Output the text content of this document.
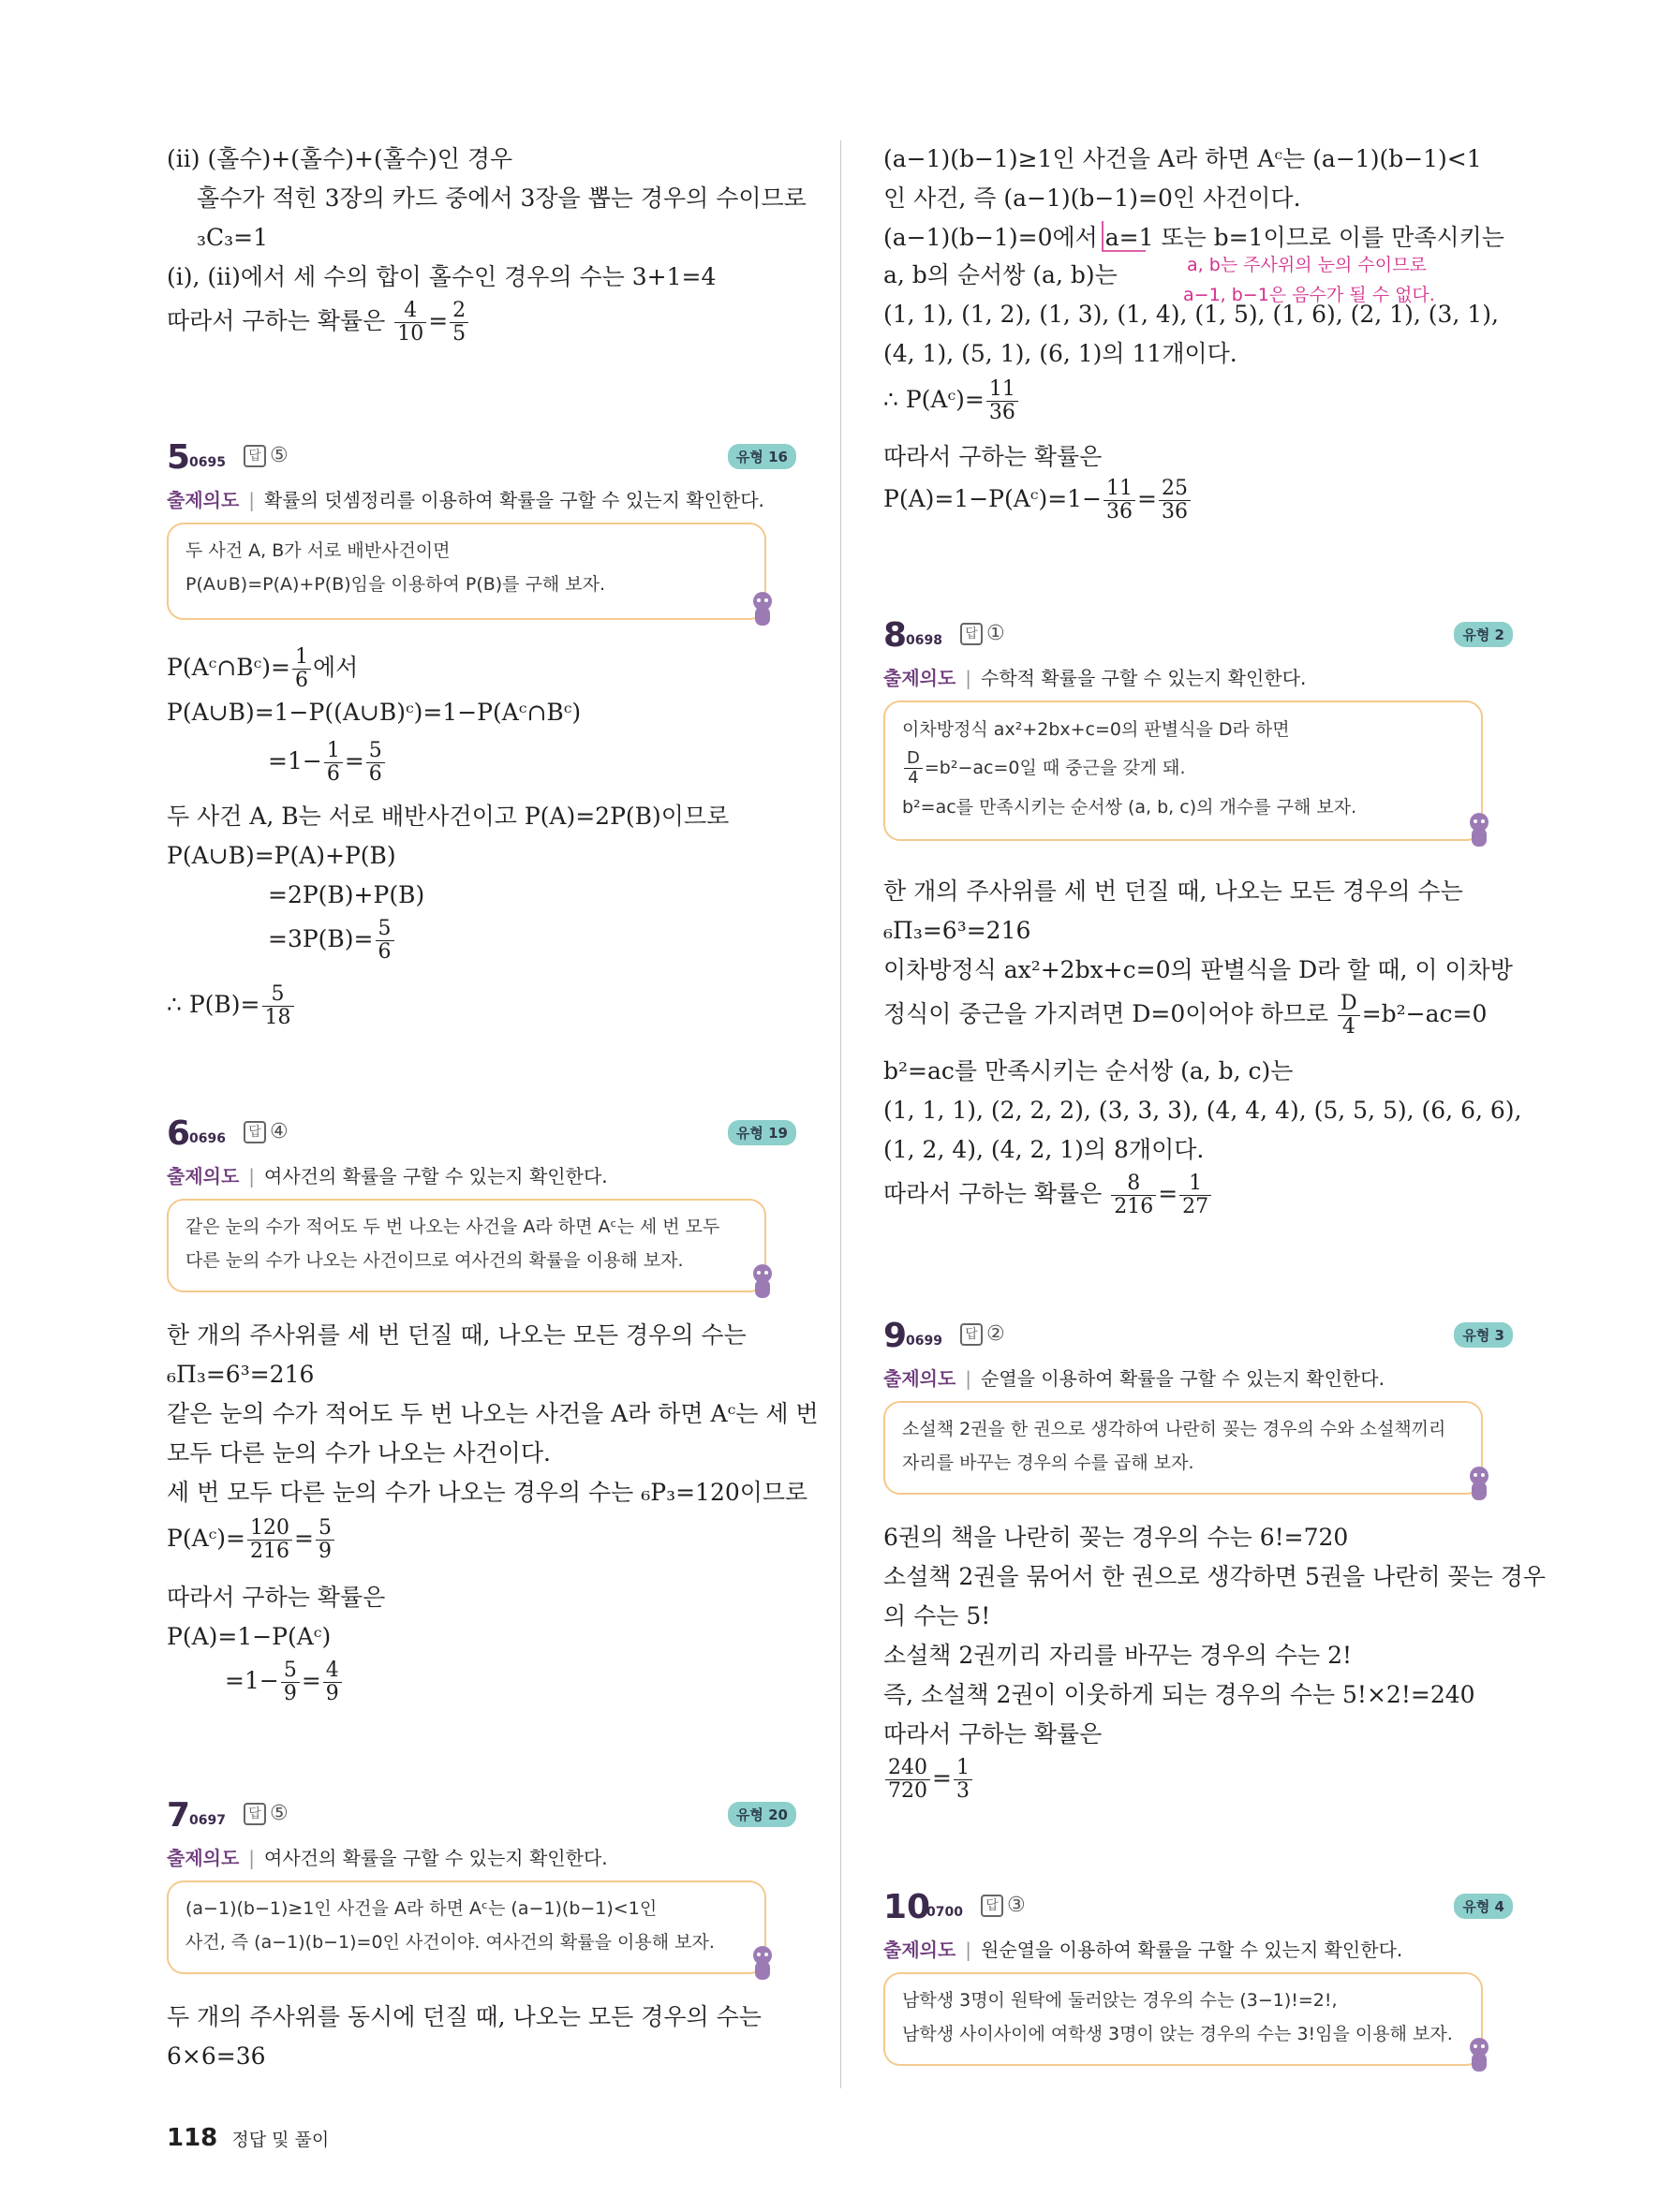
(ii) (홀수)+(홀수)+(홀수)인 경우
홀수가 적힌 3장의 카드 중에서 3장을 뽑는 경우의 수이므로
₃C₃=1
(i), (ii)에서 세 수의 합이 홀수인 경우의 수는 3+1=4
따라서 구하는 확률은 $\frac{4}{10} = \frac{2}{5}$
5
0695	답 ⑤	유형 16
출제의도 | 확률의 덧셈정리를 이용하여 확률을 구할 수 있는지 확인한다.
두 사건 A, B가 서로 배반사건이면
P(A∪B)=P(A)+P(B)임을 이용하여 P(B)를 구해 보자.
P(Aᶜ∩Bᶜ)= $\frac{1}{6}$ 에서
P(A∪B)=1−P((A∪B)ᶜ)=1−P(Aᶜ∩Bᶜ)
$=1- \frac{1}{6} = \frac{5}{6}$
두 사건 A, B는 서로 배반사건이고 P(A)=2P(B)이므로
P(A∪B)=P(A)+P(B)
=2P(B)+P(B)
$=3P(B)= \frac{5}{6}$
∴ $P(B)= \frac{5}{18}$
6
0696	답 ④	유형 19
출제의도 | 여사건의 확률을 구할 수 있는지 확인한다.
같은 눈의 수가 적어도 두 번 나오는 사건을 A라 하면 Aᶜ는 세 번 모두
다른 눈의 수가 나오는 사건이므로 여사건의 확률을 이용해 보자.
한 개의 주사위를 세 번 던질 때, 나오는 모든 경우의 수는
₆Π₃=6³=216
같은 눈의 수가 적어도 두 번 나오는 사건을 A라 하면 Aᶜ는 세 번
모두 다른 눈의 수가 나오는 사건이다.
세 번 모두 다른 눈의 수가 나오는 경우의 수는 ₆P₃=120이므로
P(Aᶜ)= $\frac{120}{216} = \frac{5}{9}$
따라서 구하는 확률은
P(A)=1−P(Aᶜ)
$=1- \frac{5}{9} = \frac{4}{9}$
7
0697	답 ⑤	유형 20
출제의도 | 여사건의 확률을 구할 수 있는지 확인한다.
(a−1)(b−1)≥1인 사건을 A라 하면 Aᶜ는 (a−1)(b−1)<1인
사건, 즉 (a−1)(b−1)=0인 사건이야. 여사건의 확률을 이용해 보자.
두 개의 주사위를 동시에 던질 때, 나오는 모든 경우의 수는
6×6=36
(a−1)(b−1)≥1인 사건을 A라 하면 Aᶜ는 (a−1)(b−1)<1
인 사건, 즉 (a−1)(b−1)=0인 사건이다.
(a−1)(b−1)=0에서 a=1 또는 b=1이므로 이를 만족시키는
a, b의 순서쌍 (a, b)는	a, b는 주사위의 눈의 수이므로
a−1, b−1은 음수가 될 수 없다.
(1, 1), (1, 2), (1, 3), (1, 4), (1, 5), (1, 6), (2, 1), (3, 1),
(4, 1), (5, 1), (6, 1)의 11개이다.
∴ P(Aᶜ)= $\frac{11}{36}$
따라서 구하는 확률은
P(A)=1−P(Aᶜ)=1− $\frac{11}{36} = \frac{25}{36}$
8
0698	답 ①	유형 2
출제의도 | 수학적 확률을 구할 수 있는지 확인한다.
이차방정식 ax²+2bx+c=0의 판별식을 D라 하면
$\frac{D}{4} =b^2-ac=0$일 때 중근을 갖게 돼.
b²=ac를 만족시키는 순서쌍 (a, b, c)의 개수를 구해 보자.
한 개의 주사위를 세 번 던질 때, 나오는 모든 경우의 수는
₆Π₃=6³=216
이차방정식 ax²+2bx+c=0의 판별식을 D라 할 때, 이 이차방
정식이 중근을 가지려면 D=0이어야 하므로 $\frac{D}{4} =b^2-ac=0$
b²=ac를 만족시키는 순서쌍 (a, b, c)는
(1, 1, 1), (2, 2, 2), (3, 3, 3), (4, 4, 4), (5, 5, 5), (6, 6, 6),
(1, 2, 4), (4, 2, 1)의 8개이다.
따라서 구하는 확률은 $\frac{8}{216} = \frac{1}{27}$
9
0699	답 ②	유형 3
출제의도 | 순열을 이용하여 확률을 구할 수 있는지 확인한다.
소설책 2권을 한 권으로 생각하여 나란히 꽂는 경우의 수와 소설책끼리
자리를 바꾸는 경우의 수를 곱해 보자.
6권의 책을 나란히 꽂는 경우의 수는 6!=720
소설책 2권을 묶어서 한 권으로 생각하면 5권을 나란히 꽂는 경우
의 수는 5!
소설책 2권끼리 자리를 바꾸는 경우의 수는 2!
즉, 소설책 2권이 이웃하게 되는 경우의 수는 5!×2!=240
따라서 구하는 확률은
$\frac{240}{720} = \frac{1}{3}$
10
0700	답 ③	유형 4
출제의도 | 원순열을 이용하여 확률을 구할 수 있는지 확인한다.
남학생 3명이 원탁에 둘러앉는 경우의 수는 (3−1)!=2!,
남학생 사이사이에 여학생 3명이 앉는 경우의 수는 3!임을 이용해 보자.
118 정답 및 풀이
